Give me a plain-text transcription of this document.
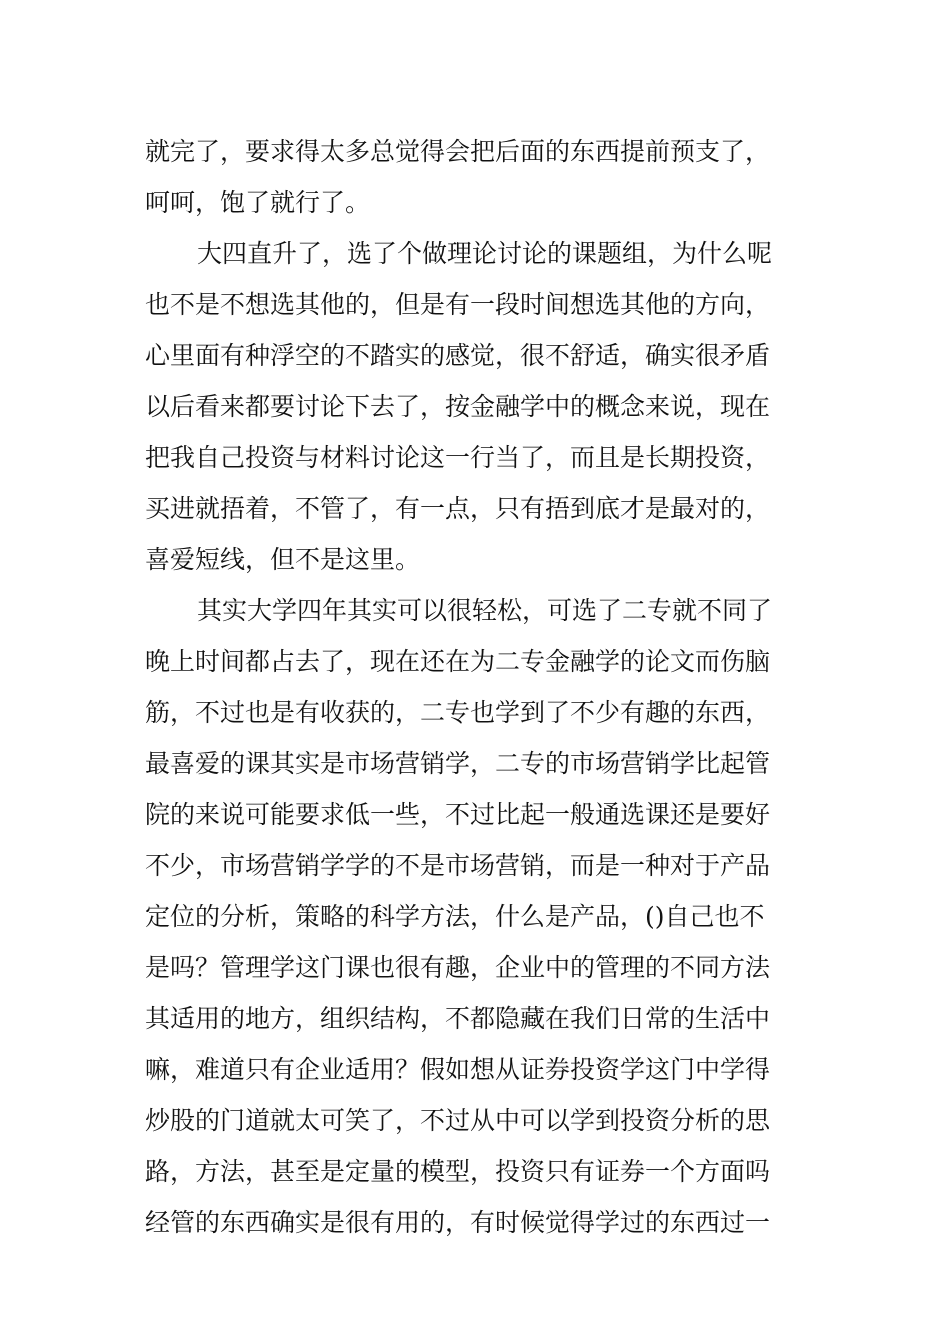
就完了，要求得太多总觉得会把后面的东西提前预支了，
呵呵，饱了就行了。
大四直升了，选了个做理论讨论的课题组，为什么呢
也不是不想选其他的，但是有一段时间想选其他的方向，
心里面有种浮空的不踏实的感觉，很不舒适，确实很矛盾
以后看来都要讨论下去了，按金融学中的概念来说，现在
把我自己投资与材料讨论这一行当了，而且是长期投资，
买进就捂着，不管了，有一点，只有捂到底才是最对的，
喜爱短线，但不是这里。
其实大学四年其实可以很轻松，可选了二专就不同了
晚上时间都占去了，现在还在为二专金融学的论文而伤脑
筋，不过也是有收获的，二专也学到了不少有趣的东西，
最喜爱的课其实是市场营销学，二专的市场营销学比起管
院的来说可能要求低一些，不过比起一般通选课还是要好
不少，市场营销学学的不是市场营销，而是一种对于产品
定位的分析，策略的科学方法，什么是产品，()自己也不
是吗？管理学这门课也很有趣，企业中的管理的不同方法
其适用的地方，组织结构，不都隐藏在我们日常的生活中
嘛，难道只有企业适用？假如想从证券投资学这门中学得
炒股的门道就太可笑了，不过从中可以学到投资分析的思
路，方法，甚至是定量的模型，投资只有证券一个方面吗
经管的东西确实是很有用的，有时候觉得学过的东西过一
